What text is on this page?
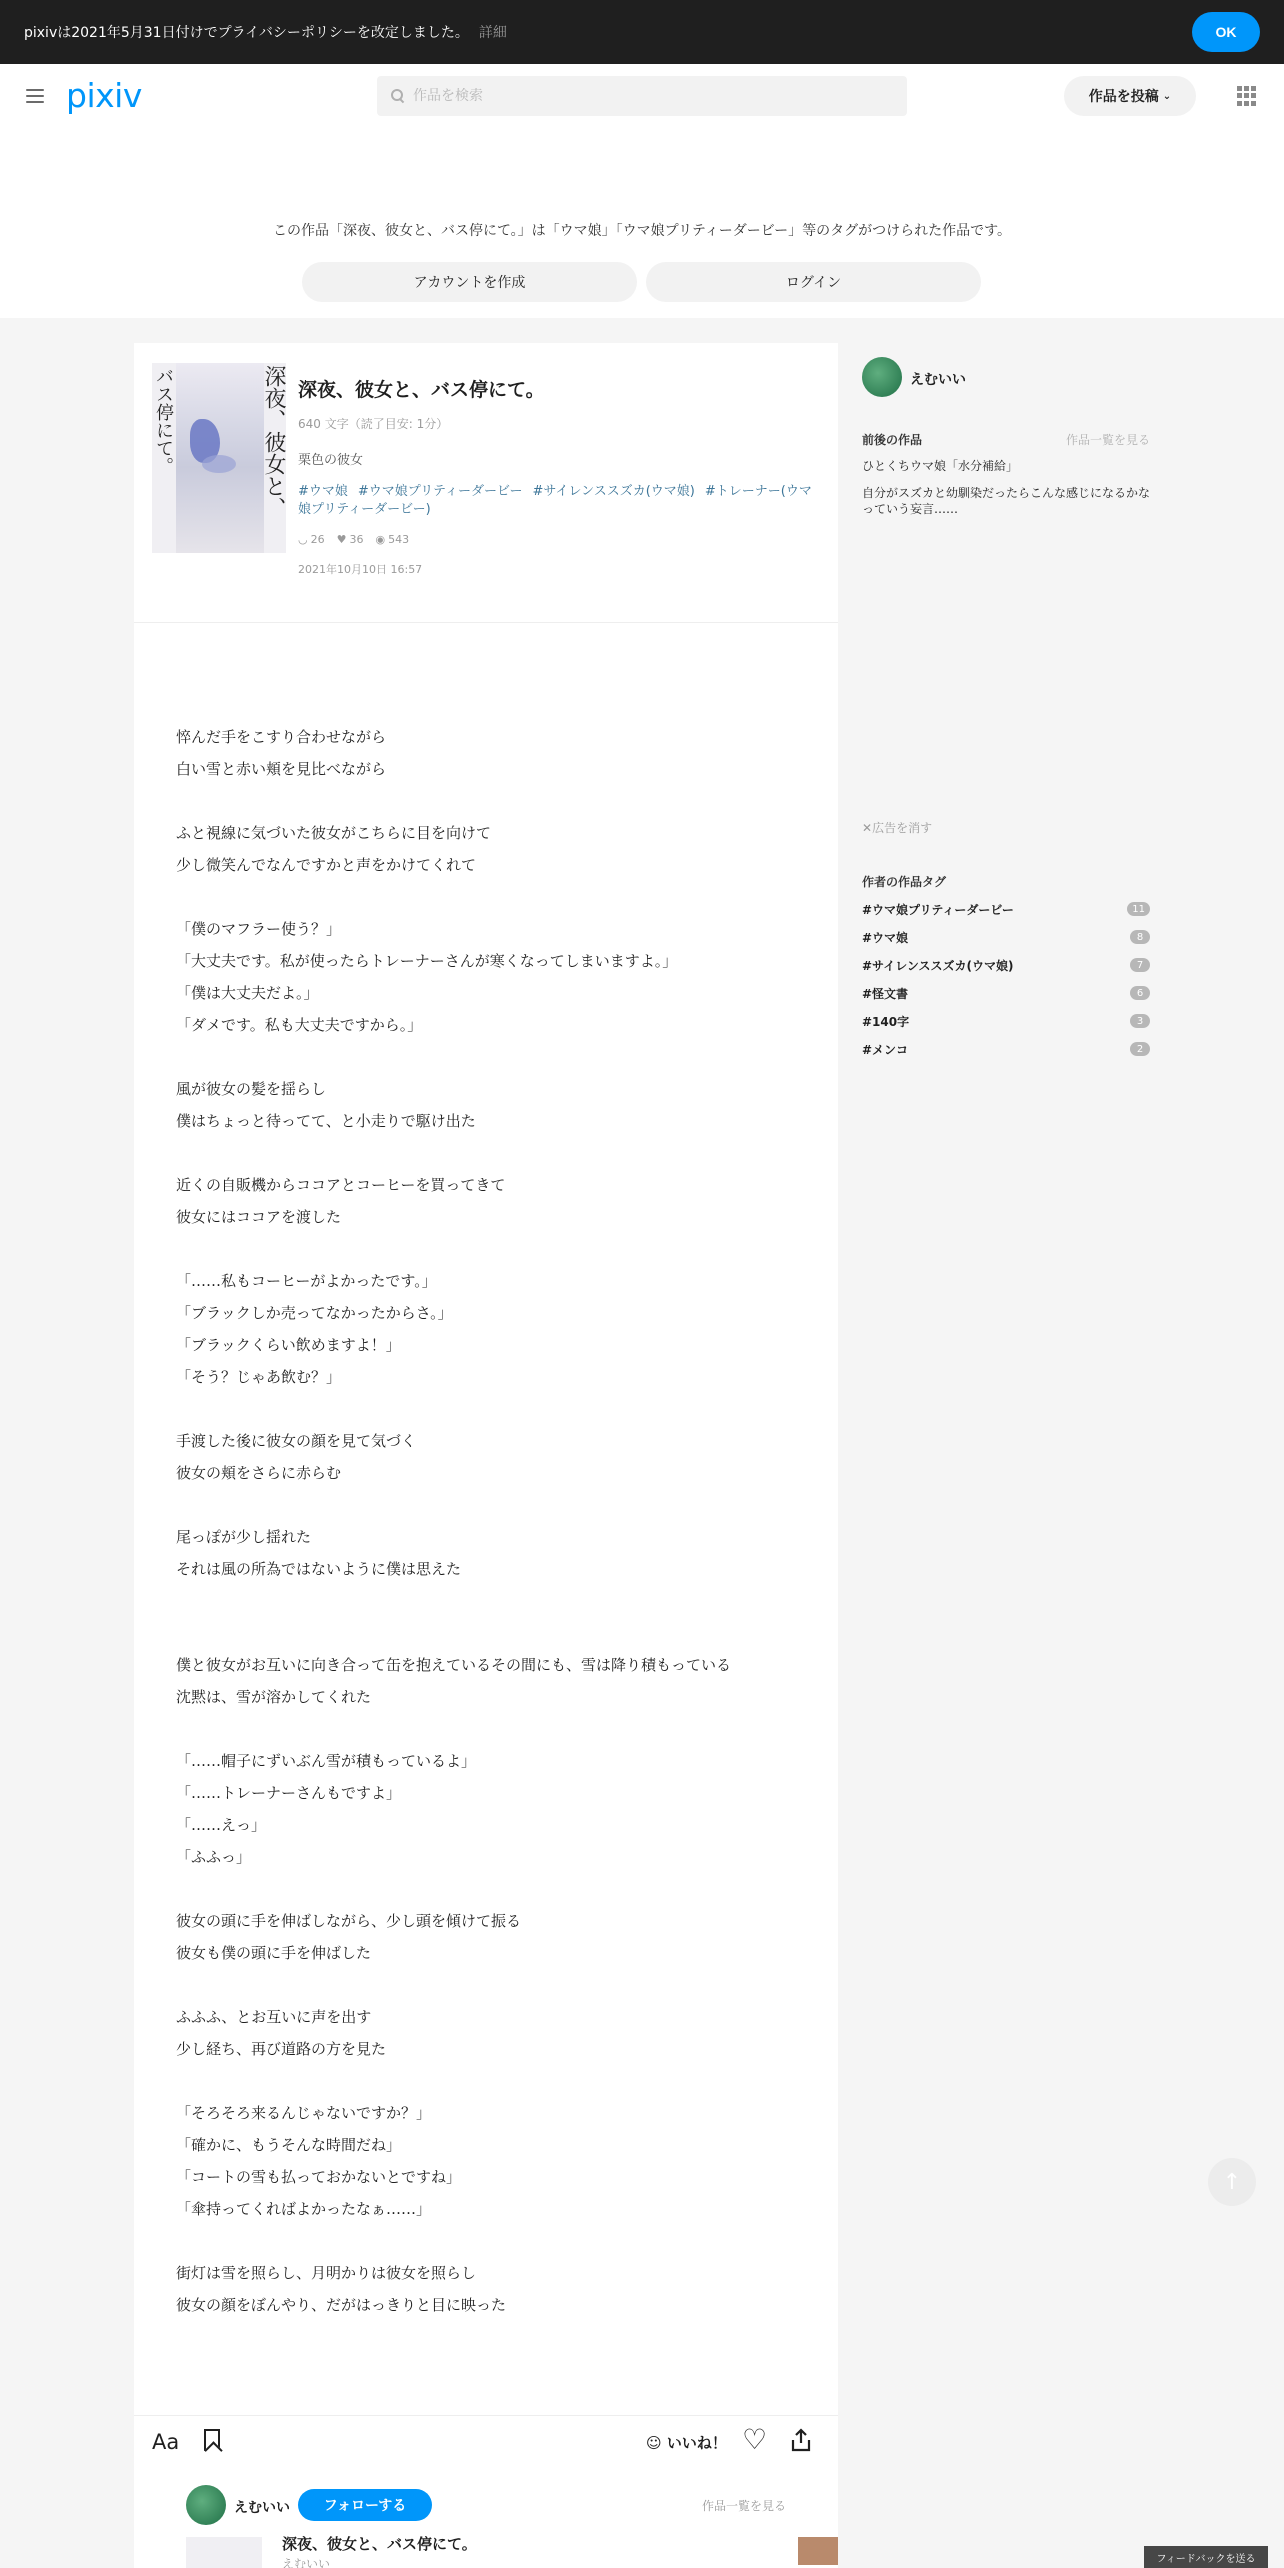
pixivは2021年5月31日付けでプライバシーポリシーを改定しました。 詳細	OK
pixiv
作品を検索	作品を投稿 ⌄
この作品「深夜、彼女と、バス停にて。」は「ウマ娘」「ウマ娘プリティーダービー」等のタグがつけられた作品です。
アカウントを作成	ログイン
深夜、彼女と、
バス停にて。	深夜、彼女と、バス停にて。
640 文字（読了目安: 1分）
栗色の彼女
#ウマ娘 #ウマ娘プリティーダービー #サイレンススズカ(ウマ娘) #トレーナー(ウマ娘プリティーダービー)
◡ 26 ♥ 36 ◉ 543
2021年10月10日 16:57

悴んだ手をこすり合わせながら

白い雪と赤い頬を見比べながら

ふと視線に気づいた彼女がこちらに目を向けて

少し微笑んでなんですかと声をかけてくれて

「僕のマフラー使う？」

「大丈夫です。私が使ったらトレーナーさんが寒くなってしまいますよ。」

「僕は大丈夫だよ。」

「ダメです。私も大丈夫ですから。」

風が彼女の髪を揺らし

僕はちょっと待ってて、と小走りで駆け出た

近くの自販機からココアとコーヒーを買ってきて

彼女にはココアを渡した

「……私もコーヒーがよかったです。」

「ブラックしか売ってなかったからさ。」

「ブラックくらい飲めますよ！」

「そう？じゃあ飲む？」

手渡した後に彼女の顔を見て気づく

彼女の頬をさらに赤らむ

尾っぽが少し揺れた

それは風の所為ではないように僕は思えた

僕と彼女がお互いに向き合って缶を抱えているその間にも、雪は降り積もっている

沈黙は、雪が溶かしてくれた

「……帽子にずいぶん雪が積もっているよ」

「……トレーナーさんもですよ」

「……えっ」

「ふふっ」

彼女の頭に手を伸ばしながら、少し頭を傾けて振る

彼女も僕の頭に手を伸ばした

ふふふ、とお互いに声を出す

少し経ち、再び道路の方を見た

「そろそろ来るんじゃないですか？」

「確かに、もうそんな時間だね」

「コートの雪も払っておかないとですね」

「傘持ってくればよかったなぁ……」

街灯は雪を照らし、月明かりは彼女を照らし

彼女の顔をぼんやり、だがはっきりと目に映った

Aa	☺ いいね！ ♡
えむいい	フォローする	作品一覧を見る
深夜、彼女と、バス停にて。
えむいい
えむいい
前後の作品	作品一覧を見る
ひとくちウマ娘「水分補給」
自分がスズカと幼馴染だったらこんな感じになるかなっていう妄言……
✕広告を消す
作者の作品タグ
#ウマ娘プリティーダービー	11
#ウマ娘	8
#サイレンススズカ(ウマ娘)	7
#怪文書	6
#140字	3
#メンコ	2
↑
フィードバックを送る
